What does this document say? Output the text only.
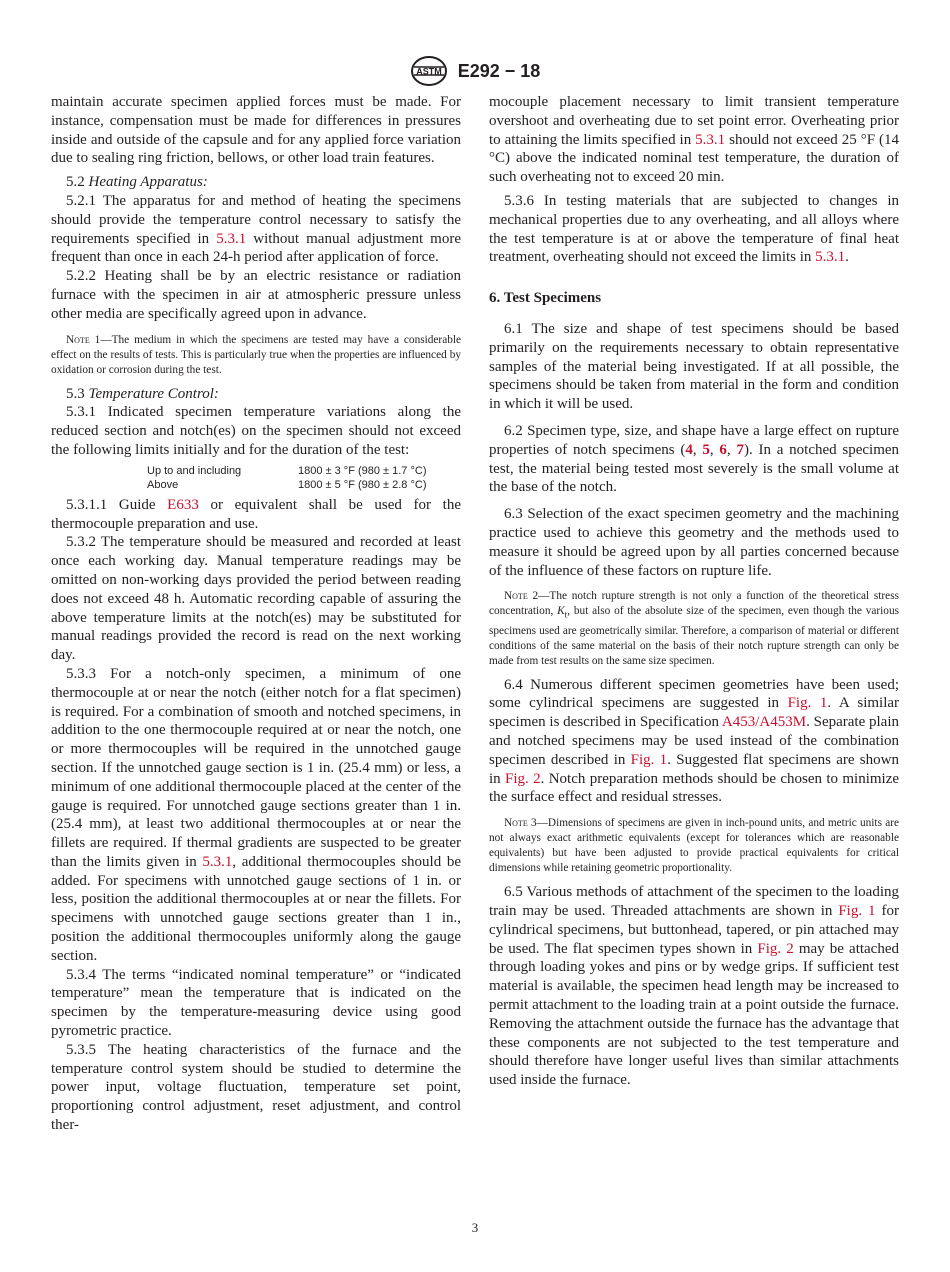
ASTM E292 − 18

maintain accurate specimen applied forces must be made. For instance, compensation must be made for differences in pressures inside and outside of the capsule and for any applied force variation due to sealing ring friction, bellows, or other load train features.

5.2 Heating Apparatus:

5.2.1 The apparatus for and method of heating the specimens should provide the temperature control necessary to satisfy the requirements specified in 5.3.1 without manual adjustment more frequent than once in each 24-h period after application of force.

5.2.2 Heating shall be by an electric resistance or radiation furnace with the specimen in air at atmospheric pressure unless other media are specifically agreed upon in advance.

Note 1—The medium in which the specimens are tested may have a considerable effect on the results of tests. This is particularly true when the properties are influenced by oxidation or corrosion during the test.

5.3 Temperature Control:

5.3.1 Indicated specimen temperature variations along the reduced section and notch(es) on the specimen should not exceed the following limits initially and for the duration of the test:

Up to and including	1800 ± 3 °F (980 ± 1.7 °C)
Above	1800 ± 5 °F (980 ± 2.8 °C)

5.3.1.1 Guide E633 or equivalent shall be used for the thermocouple preparation and use.

5.3.2 The temperature should be measured and recorded at least once each working day. Manual temperature readings may be omitted on non-working days provided the period between reading does not exceed 48 h. Automatic recording capable of assuring the above temperature limits at the notch(es) may be substituted for manual readings provided the record is read on the next working day.

5.3.3 For a notch-only specimen, a minimum of one thermocouple at or near the notch (either notch for a flat specimen) is required. For a combination of smooth and notched specimens, in addition to the one thermocouple required at or near the notch, one or more thermocouples will be required in the unnotched gauge section. If the unnotched gauge section is 1 in. (25.4 mm) or less, a minimum of one additional thermocouple placed at the center of the gauge is required. For unnotched gauge sections greater than 1 in. (25.4 mm), at least two additional thermocouples at or near the fillets are required. If thermal gradients are suspected to be greater than the limits given in 5.3.1, additional thermocouples should be added. For specimens with unnotched gauge sections of 1 in. or less, position the additional thermocouples at or near the fillets. For specimens with unnotched gauge sections greater than 1 in., position the additional thermocouples uniformly along the gauge section.

5.3.4 The terms “indicated nominal temperature” or “indicated temperature” mean the temperature that is indicated on the specimen by the temperature-measuring device using good pyrometric practice.

5.3.5 The heating characteristics of the furnace and the temperature control system should be studied to determine the power input, voltage fluctuation, temperature set point, proportioning control adjustment, reset adjustment, and control ther-

mocouple placement necessary to limit transient temperature overshoot and overheating due to set point error. Overheating prior to attaining the limits specified in 5.3.1 should not exceed 25 °F (14 °C) above the indicated nominal test temperature, the duration of such overheating not to exceed 20 min.

5.3.6 In testing materials that are subjected to changes in mechanical properties due to any overheating, and all alloys where the test temperature is at or above the temperature of final heat treatment, overheating should not exceed the limits in 5.3.1.

6. Test Specimens

6.1 The size and shape of test specimens should be based primarily on the requirements necessary to obtain representative samples of the material being investigated. If at all possible, the specimens should be taken from material in the form and condition in which it will be used.

6.2 Specimen type, size, and shape have a large effect on rupture properties of notch specimens (4, 5, 6, 7). In a notched specimen test, the material being tested most severely is the small volume at the base of the notch.

6.3 Selection of the exact specimen geometry and the machining practice used to achieve this geometry and the methods used to measure it should be agreed upon by all parties concerned because of the influence of these factors on rupture life.

Note 2—The notch rupture strength is not only a function of the theoretical stress concentration, $K_t$, but also of the absolute size of the specimen, even though the various specimens used are geometrically similar. Therefore, a comparison of material or different conditions of the same material on the basis of their notch rupture strength can only be made from test results on the same size specimen.

6.4 Numerous different specimen geometries have been used; some cylindrical specimens are suggested in Fig. 1. A similar specimen is described in Specification A453/A453M. Separate plain and notched specimens may be used instead of the combination specimen described in Fig. 1. Suggested flat specimens are shown in Fig. 2. Notch preparation methods should be chosen to minimize the surface effect and residual stresses.

Note 3—Dimensions of specimens are given in inch-pound units, and metric units are not always exact arithmetic equivalents (except for tolerances which are reasonable equivalents) but have been adjusted to provide practical equivalents for critical dimensions while retaining geometric proportionality.

6.5 Various methods of attachment of the specimen to the loading train may be used. Threaded attachments are shown in Fig. 1 for cylindrical specimens, but buttonhead, tapered, or pin attached may be used. The flat specimen types shown in Fig. 2 may be attached through loading yokes and pins or by wedge grips. If sufficient test material is available, the specimen head length may be increased to permit attachment to the loading train at a point outside the furnace. Removing the attachment outside the furnace has the advantage that these components are not subjected to the test temperature and should therefore have longer useful lives than similar attachments used inside the furnace.

3
